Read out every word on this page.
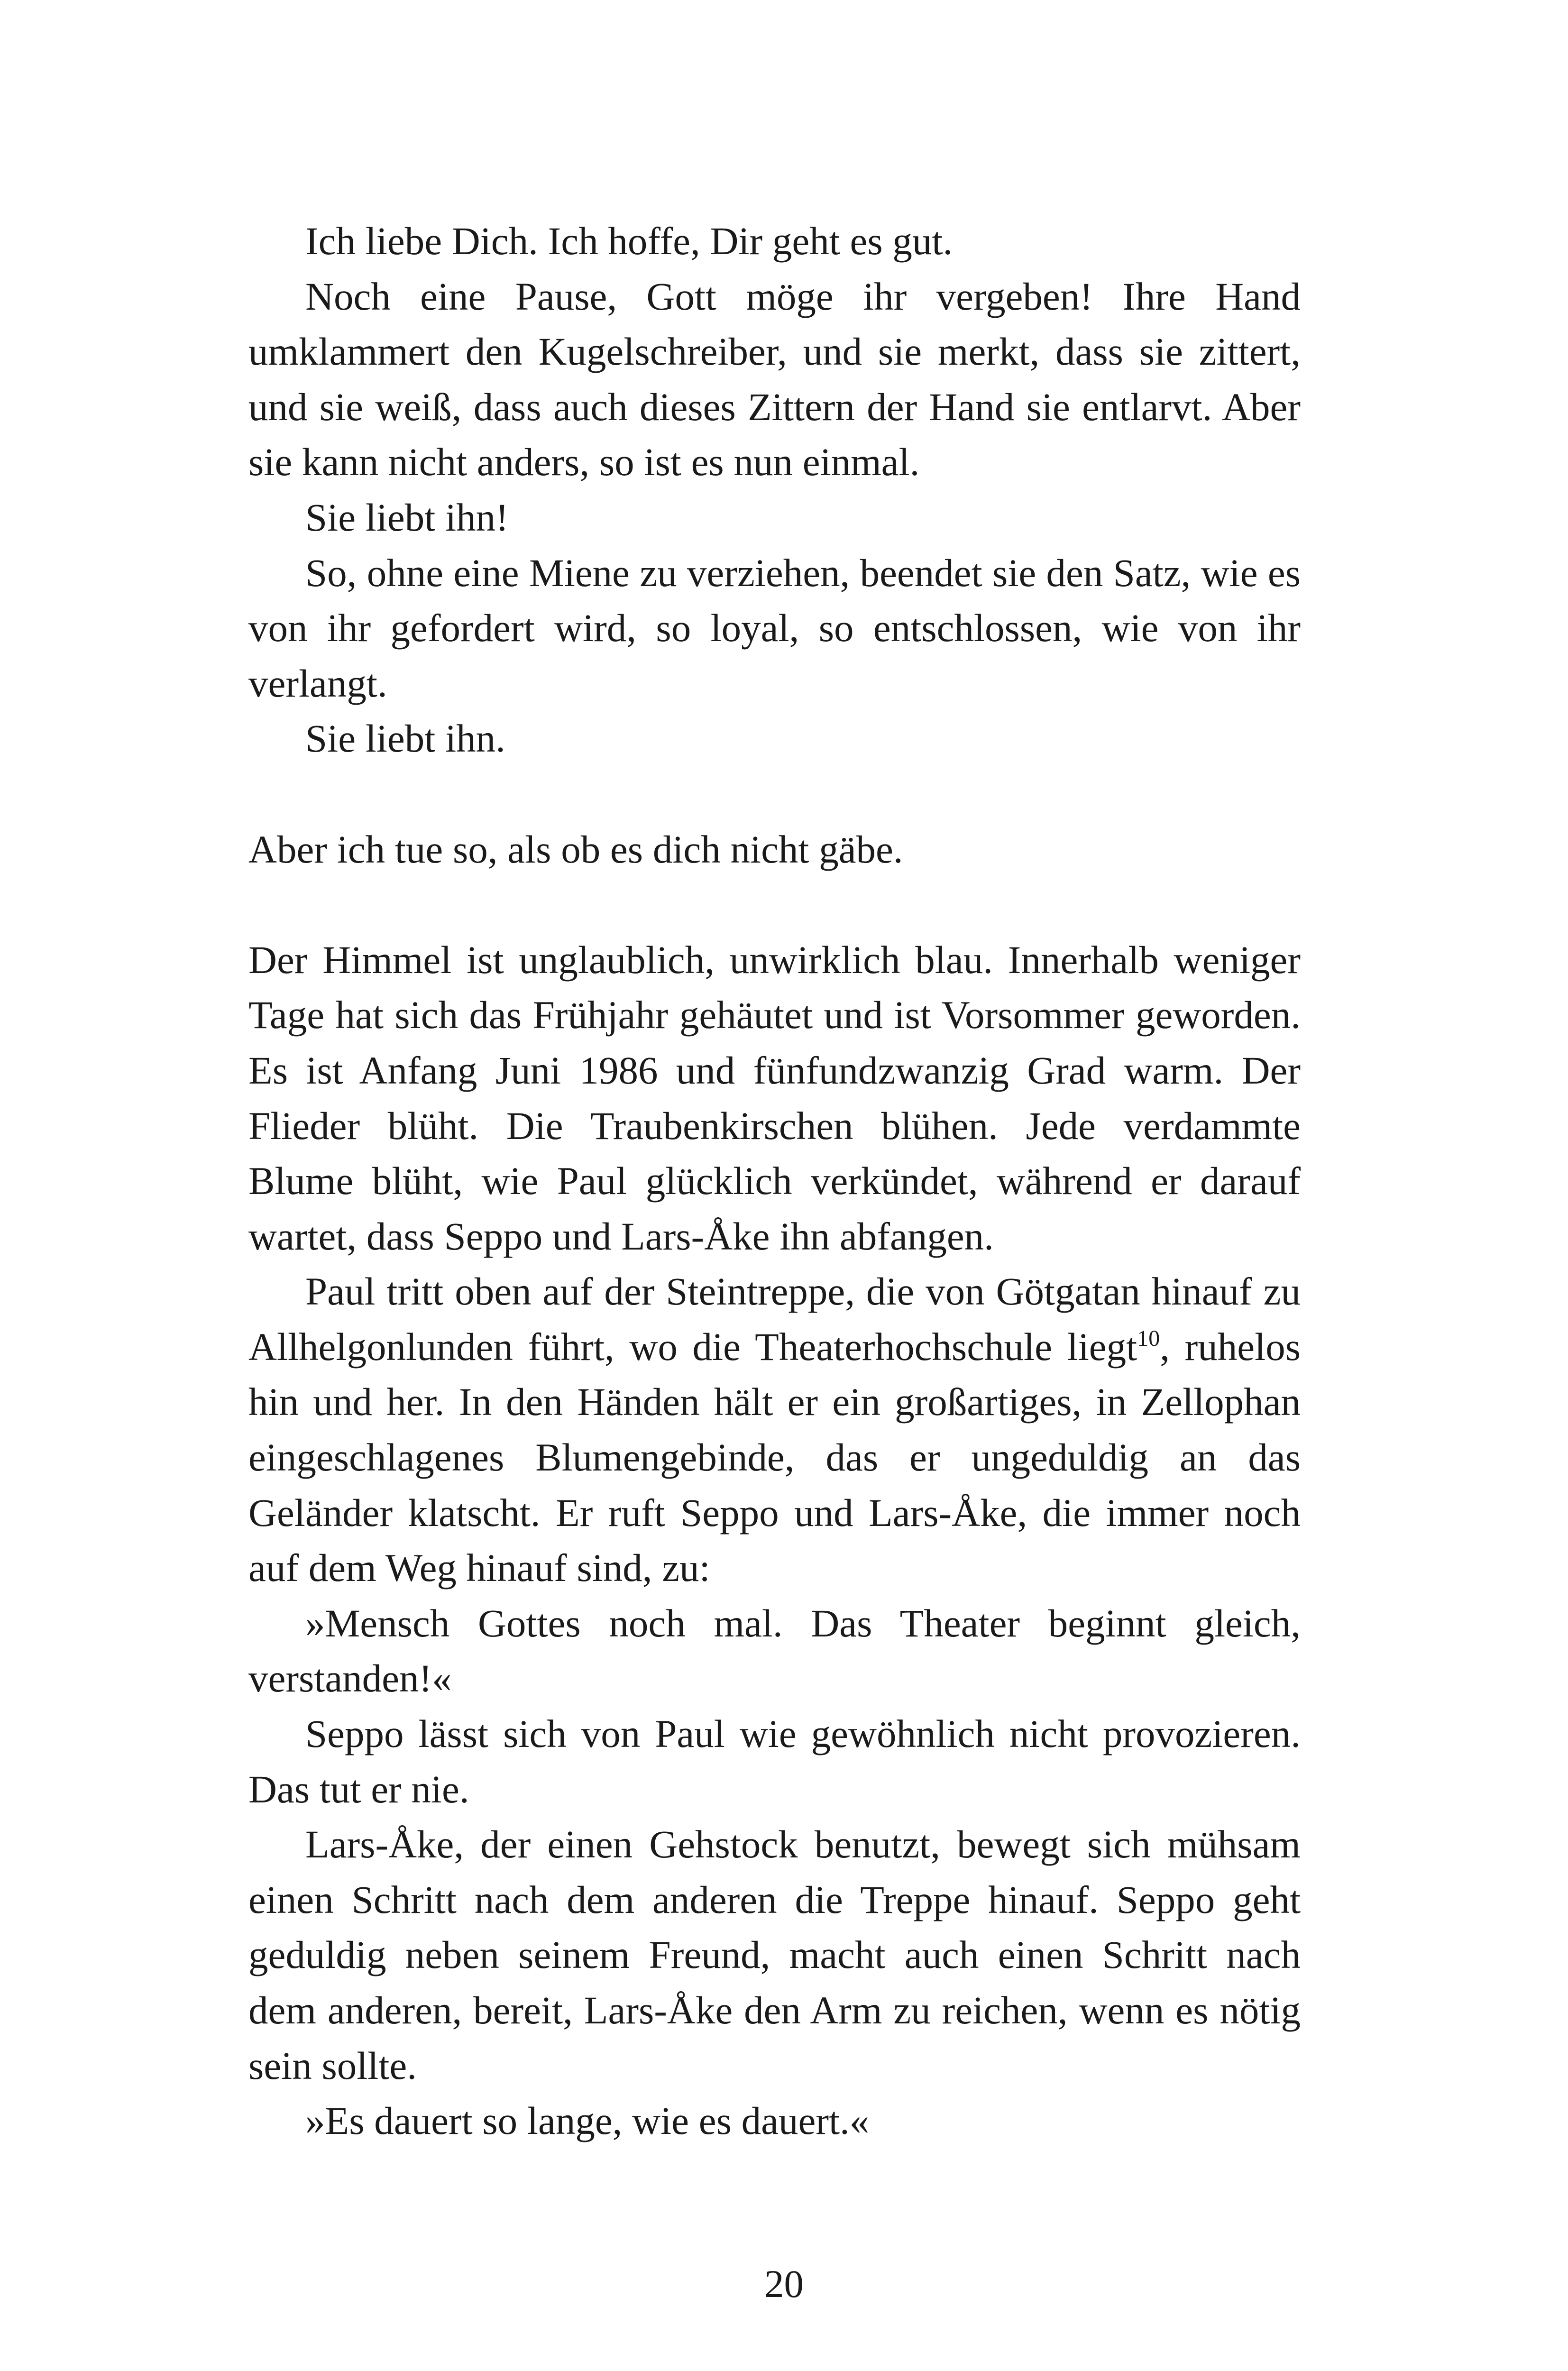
Ich liebe Dich. Ich hoffe, Dir geht es gut.

Noch eine Pause, Gott möge ihr vergeben! Ihre Hand umklammert den Kugelschreiber, und sie merkt, dass sie zittert, und sie weiß, dass auch dieses Zittern der Hand sie entlarvt. Aber sie kann nicht anders, so ist es nun einmal.

Sie liebt ihn!

So, ohne eine Miene zu verziehen, beendet sie den Satz, wie es von ihr gefordert wird, so loyal, so entschlossen, wie von ihr verlangt.

Sie liebt ihn.

Aber ich tue so, als ob es dich nicht gäbe.

Der Himmel ist unglaublich, unwirklich blau. Innerhalb weniger Tage hat sich das Frühjahr gehäutet und ist Vorsommer geworden. Es ist Anfang Juni 1986 und fünfundzwanzig Grad warm. Der Flieder blüht. Die Traubenkirschen blühen. Jede verdammte Blume blüht, wie Paul glücklich verkündet, während er darauf wartet, dass Seppo und Lars-Åke ihn abfangen.

Paul tritt oben auf der Steintreppe, die von Götgatan hinauf zu Allhelgonlunden führt, wo die Theaterhochschule liegt$^{10}$, ruhelos hin und her. In den Händen hält er ein großartiges, in Zellophan eingeschlagenes Blumengebinde, das er ungeduldig an das Geländer klatscht. Er ruft Seppo und Lars-Åke, die immer noch auf dem Weg hinauf sind, zu:

»Mensch Gottes noch mal. Das Theater beginnt gleich, verstanden!«

Seppo lässt sich von Paul wie gewöhnlich nicht provozieren. Das tut er nie.

Lars-Åke, der einen Gehstock benutzt, bewegt sich mühsam einen Schritt nach dem anderen die Treppe hinauf. Seppo geht geduldig neben seinem Freund, macht auch einen Schritt nach dem anderen, bereit, Lars-Åke den Arm zu reichen, wenn es nötig sein sollte.

»Es dauert so lange, wie es dauert.«

20
